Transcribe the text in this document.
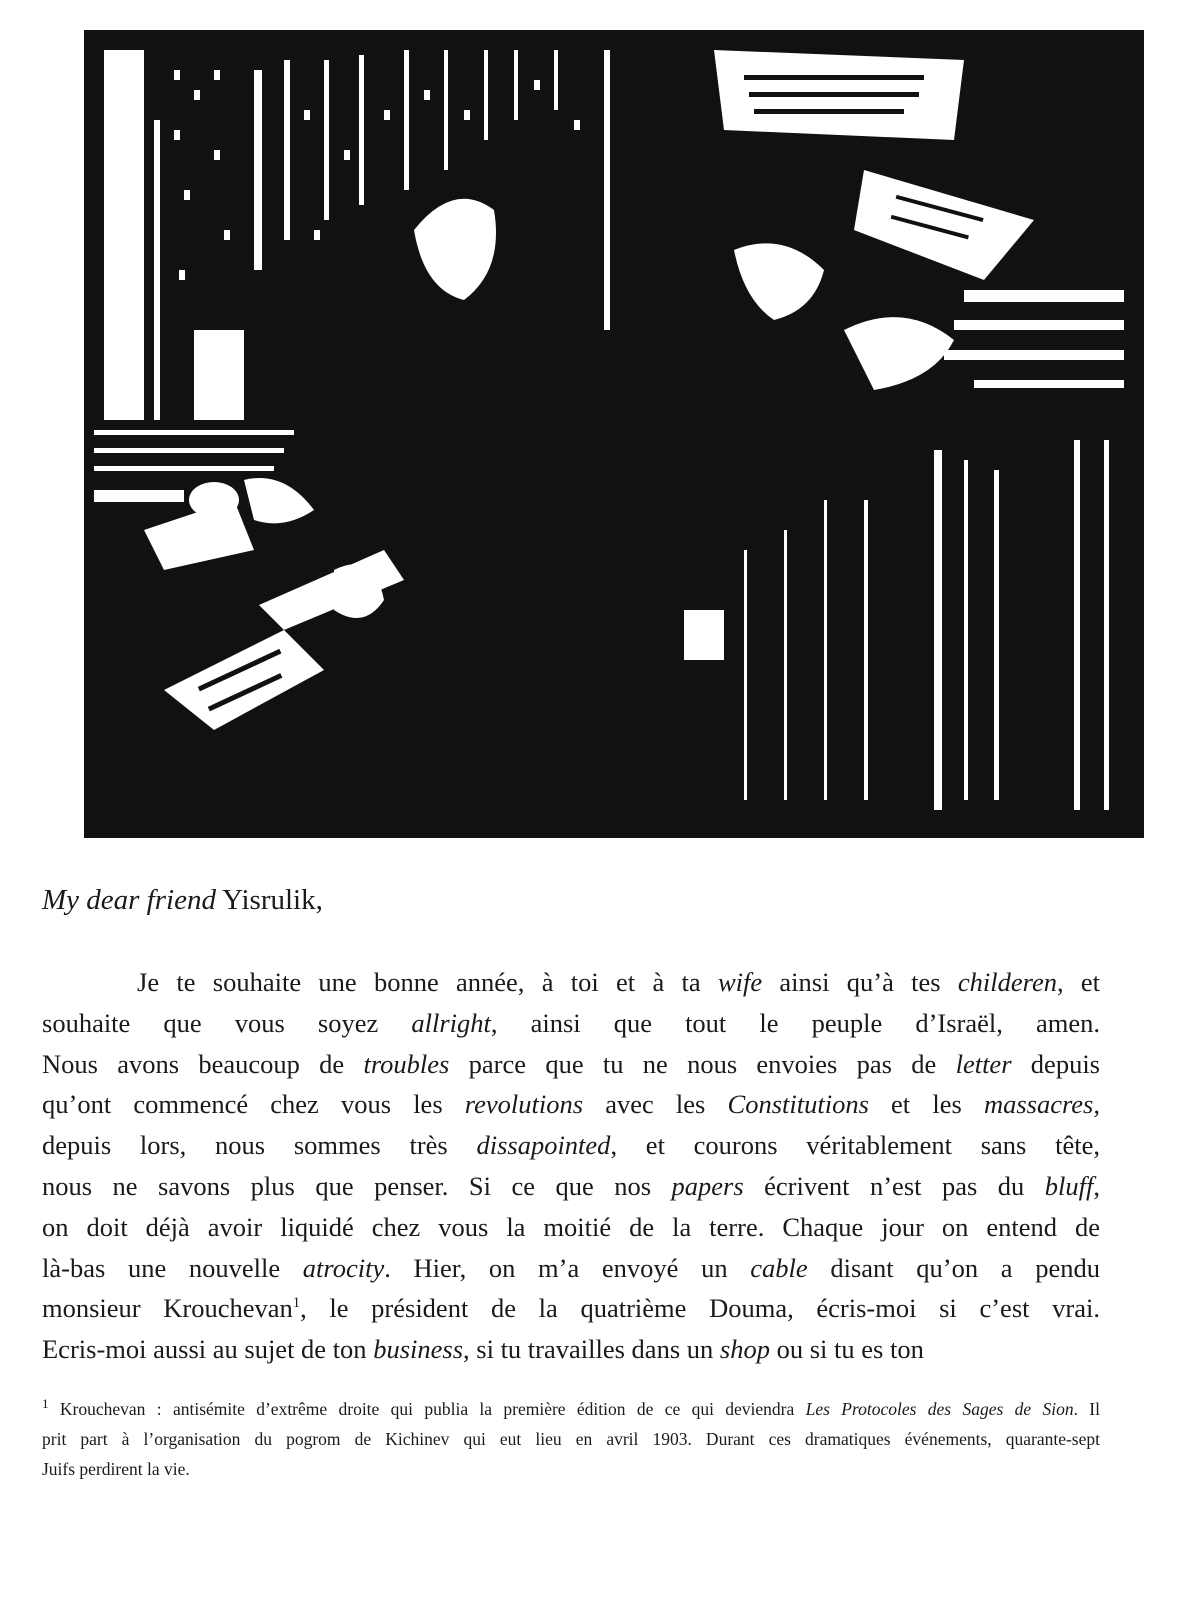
My dear friend Yisrulik,

Je te souhaite une bonne année, à toi et à ta wife ainsi qu’à tes childeren, et
souhaite que vous soyez allright, ainsi que tout le peuple d’Israël, amen.
Nous avons beaucoup de troubles parce que tu ne nous envoies pas de letter depuis
qu’ont commencé chez vous les revolutions avec les Constitutions et les massacres,
depuis lors, nous sommes très dissapointed, et courons véritablement sans tête,
nous ne savons plus que penser. Si ce que nos papers écrivent n’est pas du bluff,
on doit déjà avoir liquidé chez vous la moitié de la terre. Chaque jour on entend de
là-bas une nouvelle atrocity. Hier, on m’a envoyé un cable disant qu’on a pendu
monsieur Krouchevan$^1$, le président de la quatrième Douma, écris-moi si c’est vrai.
Ecris-moi aussi au sujet de ton business, si tu travailles dans un shop ou si tu es ton
$^1$ Krouchevan : antisémite d’extrême droite qui publia la première édition de ce qui deviendra Les Protocoles des Sages de Sion. Il
prit part à l’organisation du pogrom de Kichinev qui eut lieu en avril 1903. Durant ces dramatiques événements, quarante-sept
Juifs perdirent la vie.
